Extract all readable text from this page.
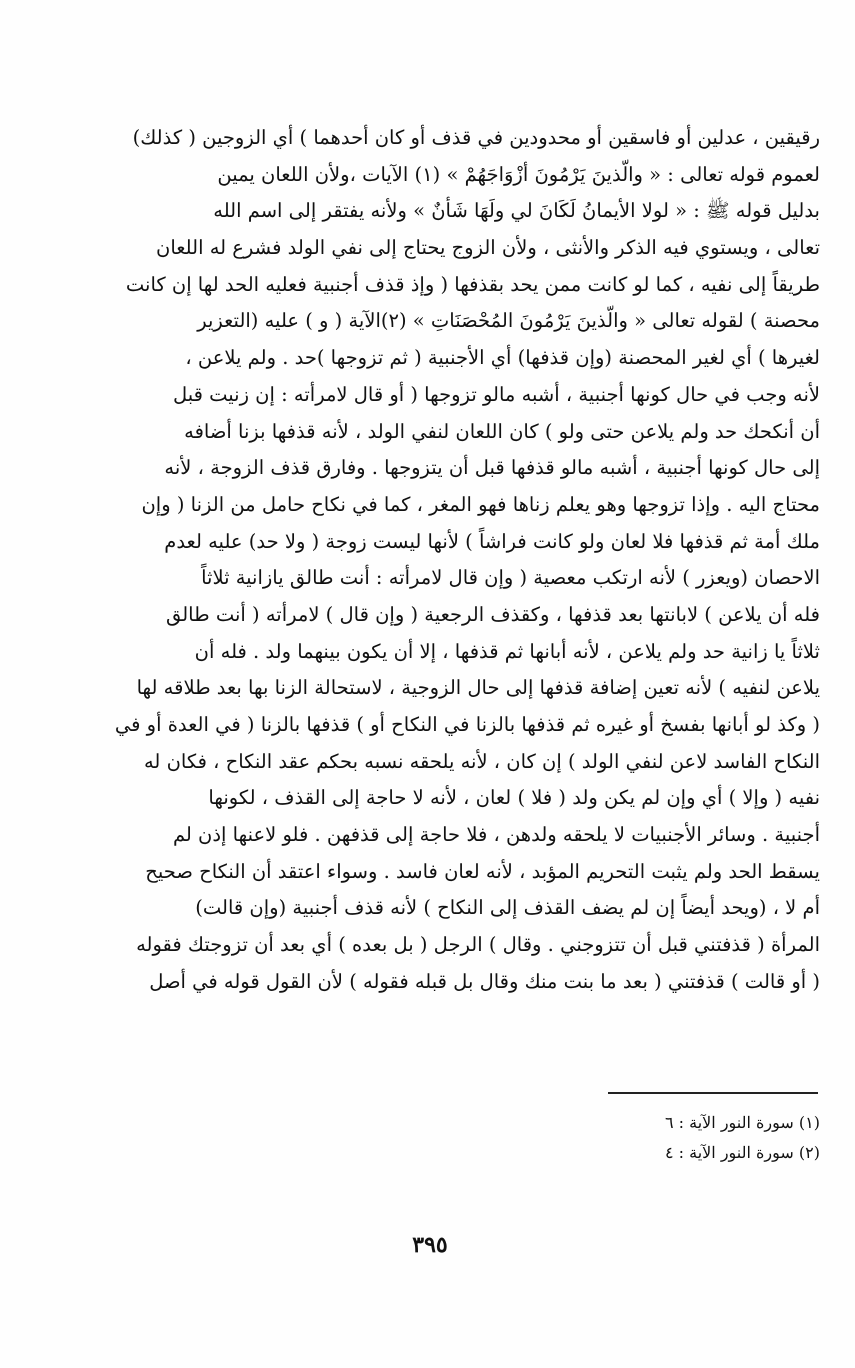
رقيقين ، عدلين أو فاسقين أو محدودين في قذف أو كان أحدهما ) أي الزوجين ( كذلك)
لعموم قوله تعالى : « والّذينَ يَرْمُونَ أزْوَاجَهُمْ » (١) الآيات ،ولأن اللعان يمين
بدليل قوله ﷺ : « لولا الأيمانُ لَكَانَ لي ولَهَا شَأنٌ » ولأنه يفتقر إلى اسم الله
تعالى ، ويستوي فيه الذكر والأنثى ، ولأن الزوج يحتاج إلى نفي الولد فشرع له اللعان
طريقاً إلى نفيه ، كما لو كانت ممن يحد بقذفها ( وإذ قذف أجنبية فعليه الحد لها إن كانت
محصنة ) لقوله تعالى « والّذينَ يَرْمُونَ المُحْصَنَاتِ » (٢)الآية ( و ) عليه (التعزير
لغيرها ) أي لغير المحصنة (وإن قذفها) أي الأجنبية ( ثم تزوجها )حد . ولم يلاعن ،
لأنه وجب في حال كونها أجنبية ، أشبه مالو تزوجها ( أو قال لامرأته : إن زنيت قبل
أن أنكحك حد ولم يلاعن حتى ولو ) كان اللعان لنفي الولد ، لأنه قذفها بزنا أضافه
إلى حال كونها أجنبية ، أشبه مالو قذفها قبل أن يتزوجها . وفارق قذف الزوجة ، لأنه
محتاج اليه . وإذا تزوجها وهو يعلم زناها فهو المغر ، كما في نكاح حامل من الزنا ( وإن
ملك أمة ثم قذفها فلا لعان ولو كانت فراشاً ) لأنها ليست زوجة ( ولا حد) عليه لعدم
الاحصان (ويعزر ) لأنه ارتكب معصية ( وإن قال لامرأته : أنت طالق يازانية ثلاثاً
فله أن يلاعن ) لابانتها بعد قذفها ، وكقذف الرجعية ( وإن قال ) لامرأته ( أنت طالق
ثلاثاً يا زانية حد ولم يلاعن ، لأنه أبانها ثم قذفها ، إلا أن يكون بينهما ولد . فله أن
يلاعن لنفيه ) لأنه تعين إضافة قذفها إلى حال الزوجية ، لاستحالة الزنا بها بعد طلاقه لها
( وكذ لو أبانها بفسخ أو غيره ثم قذفها بالزنا في النكاح أو ) قذفها بالزنا ( في العدة أو في
النكاح الفاسد لاعن لنفي الولد ) إن كان ، لأنه يلحقه نسبه بحكم عقد النكاح ، فكان له
نفيه ( وإلا ) أي وإن لم يكن ولد ( فلا ) لعان ، لأنه لا حاجة إلى القذف ، لكونها
أجنبية . وسائر الأجنبيات لا يلحقه ولدهن ، فلا حاجة إلى قذفهن . فلو لاعنها إذن لم
يسقط الحد ولم يثبت التحريم المؤبد ، لأنه لعان فاسد . وسواء اعتقد أن النكاح صحيح
أم لا ، (ويحد أيضاً إن لم يضف القذف إلى النكاح ) لأنه قذف أجنبية (وإن قالت)
المرأة ( قذفتني قبل أن تتزوجني . وقال ) الرجل ( بل بعده ) أي بعد أن تزوجتك فقوله
( أو قالت ) قذفتني ( بعد ما بنت منك وقال بل قبله فقوله ) لأن القول قوله في أصل
(١) سورة النور الآية : ٦
(٢) سورة النور الآية : ٤
٣٩٥
